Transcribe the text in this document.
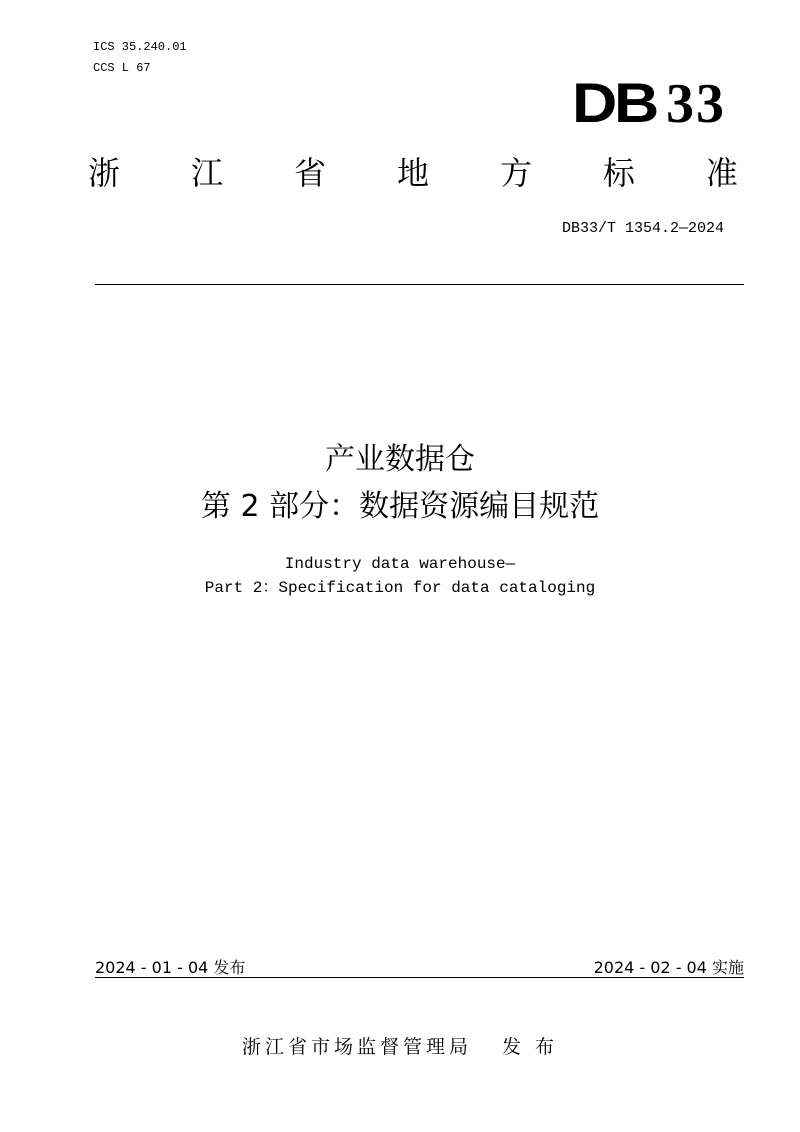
ICS 35.240.01
CCS L 67
DB 33
浙 江 省 地 方 标 准
DB33/T 1354.2—2024
产业数据仓
第 2 部分：数据资源编目规范
Industry data warehouse—
Part 2：Specification for data cataloging
2024 - 01 - 04 发布	2024 - 02 - 04 实施
浙江省市场监督管理局 发 布
